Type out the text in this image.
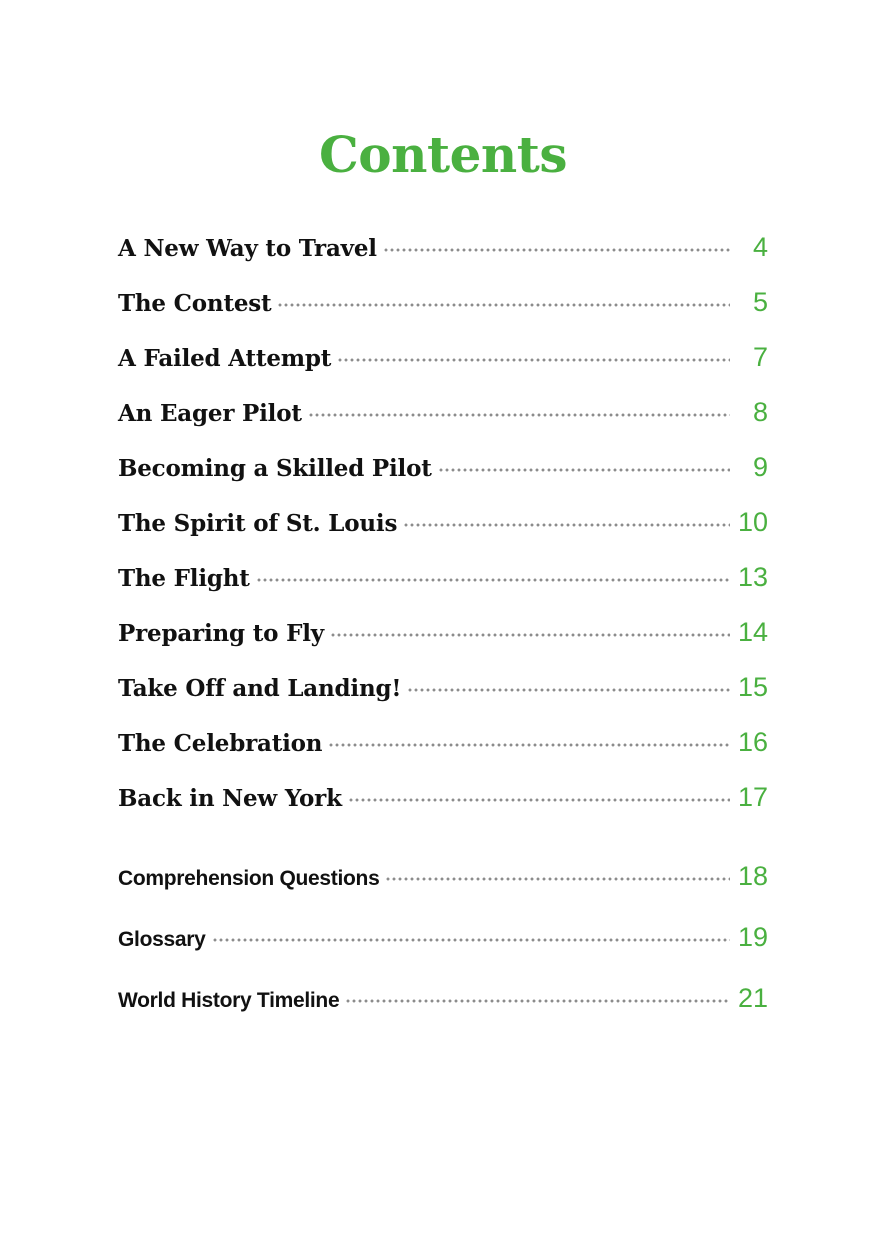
Contents
A New Way to Travel	4
The Contest	5
A Failed Attempt	7
An Eager Pilot	8
Becoming a Skilled Pilot	9
The Spirit of St. Louis	10
The Flight	13
Preparing to Fly	14
Take Off and Landing!	15
The Celebration	16
Back in New York	17
Comprehension Questions	18
Glossary	19
World History Timeline	21
